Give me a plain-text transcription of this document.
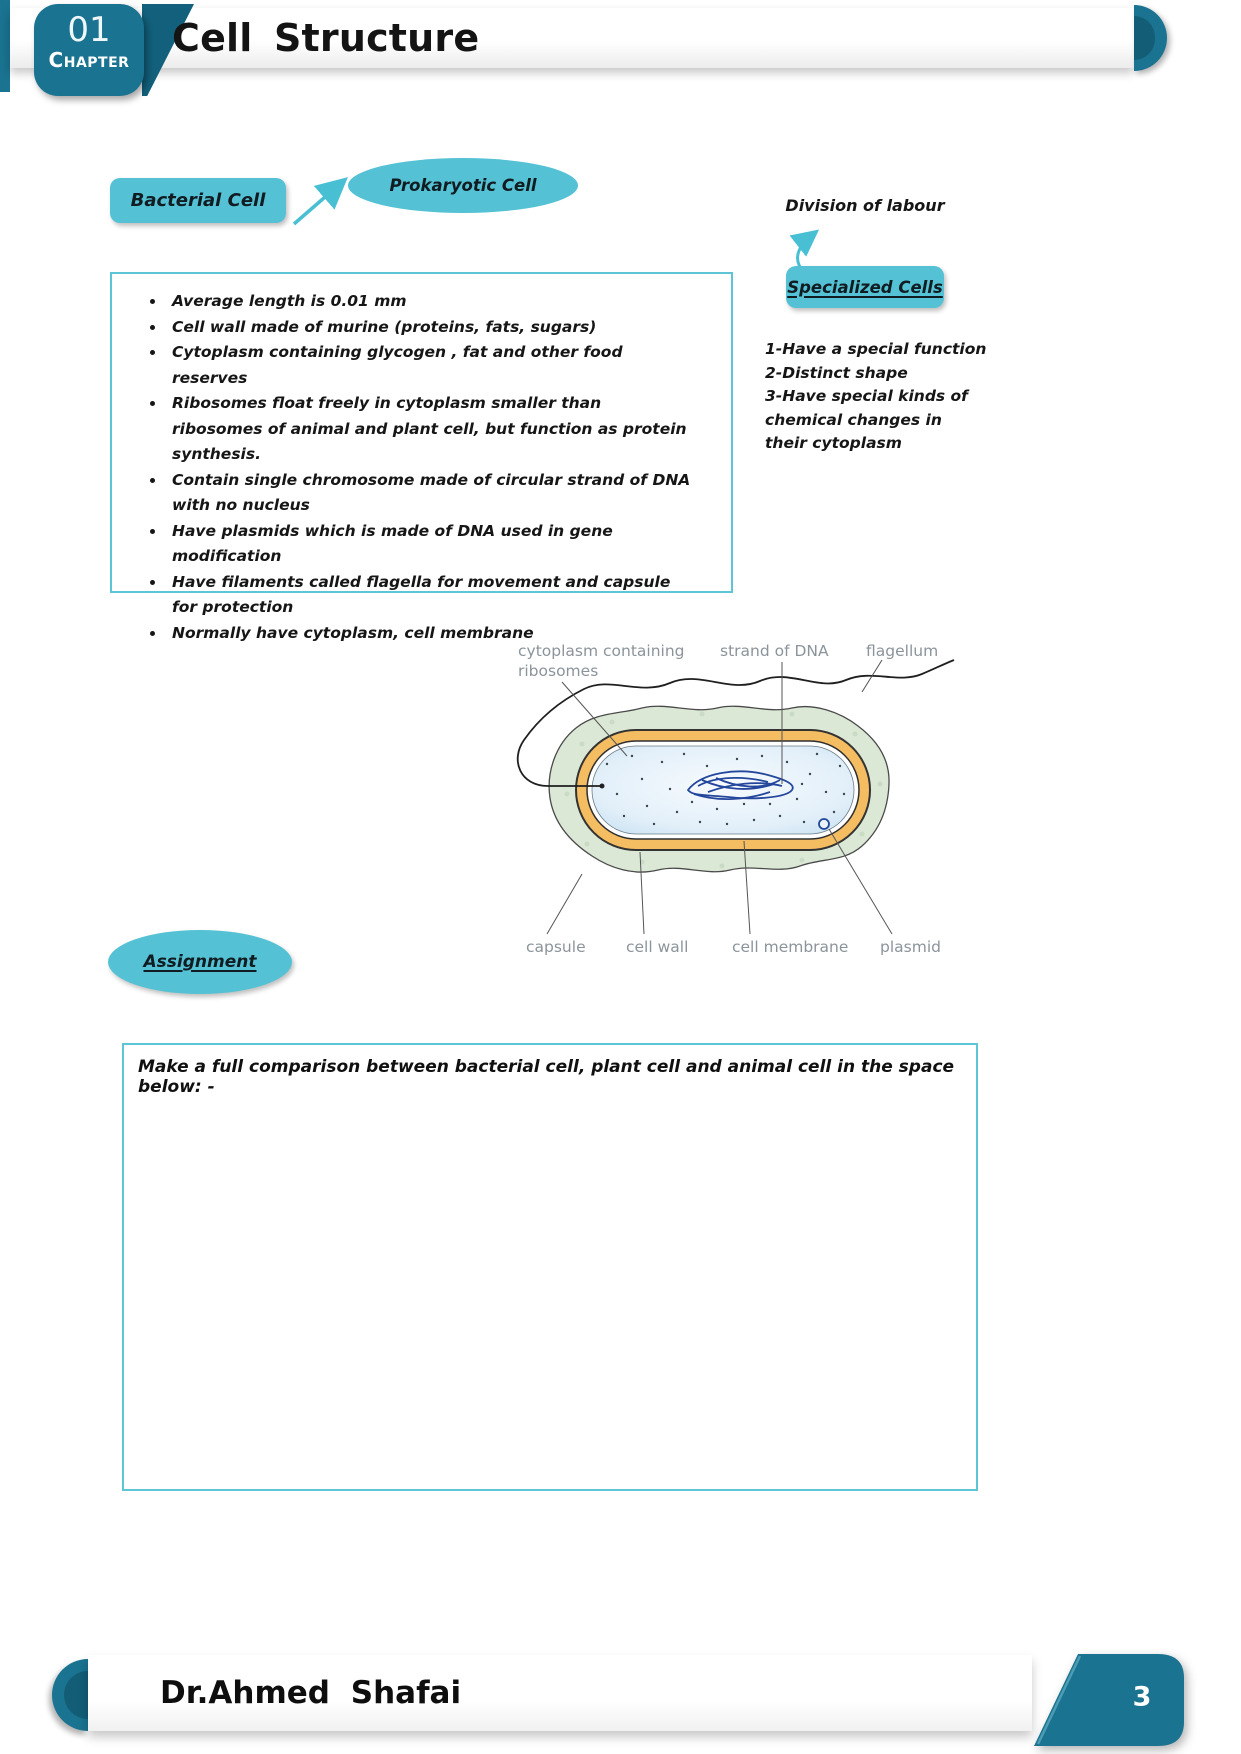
01
Chapter	Cell Structure
Bacterial Cell
Prokaryotic Cell
Division of labour
Specialized Cells
• Average length is 0.01 mm
• Cell wall made of murine (proteins, fats, sugars)
• Cytoplasm containing glycogen , fat and other food reserves
• Ribosomes float freely in cytoplasm smaller than ribosomes of animal and plant cell, but function as protein synthesis.
• Contain single chromosome made of circular strand of DNA with no nucleus
• Have plasmids which is made of DNA used in gene modification
• Have filaments called flagella for movement and capsule for protection
• Normally have cytoplasm, cell membrane
1-Have a special function
2-Distinct shape
3-Have special kinds of chemical changes in their cytoplasm
cytoplasm containing
ribosomes
strand of DNA flagellum
capsule	cell wall	cell membrane plasmid
Assignment
Make a full comparison between bacterial cell, plant cell and animal cell in the space below: -
Dr.Ahmed Shafai	3
